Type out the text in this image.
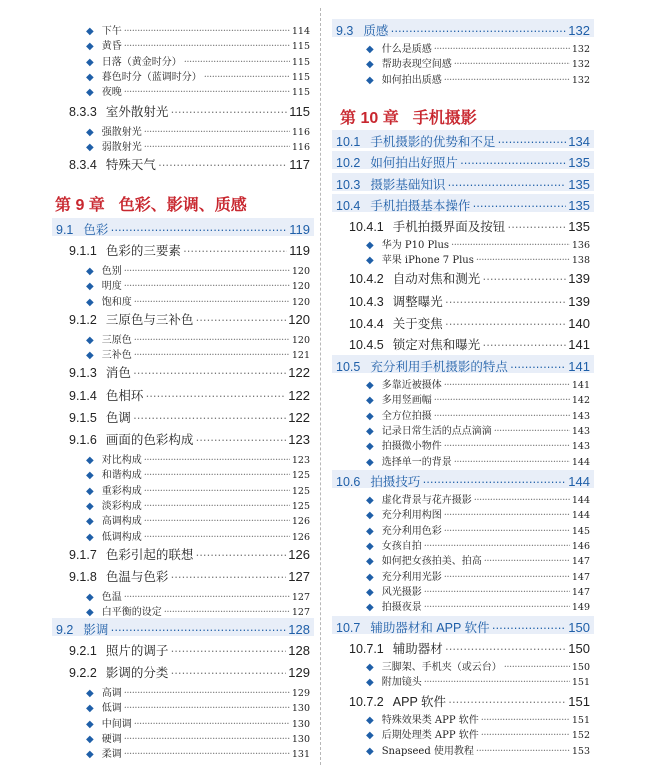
◆ 下午 ·····	114
◆ 黄昏 ·····	115
◆ 日落（黄金时分） ·····	115
◆ 暮色时分（蓝调时分） ·····	115
◆ 夜晚 ·····	115
8.3.3 室外散射光 ·····	115
◆ 强散射光 ·····	116
◆ 弱散射光 ·····	116
8.3.4 特殊天气 ·····	117
第 9 章 色彩、影调、质感
9.1 色彩 ·····	119
9.1.1 色彩的三要素 ·····	119
◆ 色别 ·····	120
◆ 明度 ·····	120
◆ 饱和度 ·····	120
9.1.2 三原色与三补色 ·····	120
◆ 三原色 ·····	120
◆ 三补色 ·····	121
9.1.3 消色 ·····	122
9.1.4 色相环 ·····	122
9.1.5 色调 ·····	122
9.1.6 画面的色彩构成 ·····	123
◆ 对比构成 ·····	123
◆ 和谐构成 ·····	125
◆ 重彩构成 ·····	125
◆ 淡彩构成 ·····	125
◆ 高调构成 ·····	126
◆ 低调构成 ·····	126
9.1.7 色彩引起的联想 ·····	126
9.1.8 色温与色彩 ·····	127
◆ 色温 ·····	127
◆ 白平衡的设定 ·····	127
9.2 影调 ·····	128
9.2.1 照片的调子 ·····	128
9.2.2 影调的分类 ·····	129
◆ 高调 ·····	129
◆ 低调 ·····	130
◆ 中间调 ·····	130
◆ 硬调 ·····	130
◆ 柔调 ·····	131
9.3 质感 ·····	132
◆ 什么是质感 ·····	132
◆ 帮助表现空间感 ·····	132
◆ 如何拍出质感 ·····	132
第 10 章 手机摄影
10.1 手机摄影的优势和不足 ·····	134
10.2 如何拍出好照片 ·····	135
10.3 摄影基础知识 ·····	135
10.4 手机拍摄基本操作 ·····	135
10.4.1 手机拍摄界面及按钮 ·····	135
◆ 华为 P10 Plus ·····	136
◆ 苹果 iPhone 7 Plus ·····	138
10.4.2 自动对焦和测光 ·····	139
10.4.3 调整曝光 ·····	139
10.4.4 关于变焦 ·····	140
10.4.5 锁定对焦和曝光 ·····	141
10.5 充分利用手机摄影的特点 ·····	141
◆ 多靠近被摄体 ·····	141
◆ 多用竖画幅 ·····	142
◆ 全方位拍摄 ·····	143
◆ 记录日常生活的点点滴滴 ·····	143
◆ 拍摄微小物件 ·····	143
◆ 选择单一的背景 ·····	144
10.6 拍摄技巧 ·····	144
◆ 虚化背景与花卉摄影 ·····	144
◆ 充分利用构图 ·····	144
◆ 充分利用色彩 ·····	145
◆ 女孩自拍 ·····	146
◆ 如何把女孩拍美、拍高 ·····	147
◆ 充分利用光影 ·····	147
◆ 风光摄影 ·····	147
◆ 拍摄夜景 ·····	149
10.7 辅助器材和 APP 软件 ·····	150
10.7.1 辅助器材 ·····	150
◆ 三脚架、手机夹（或云台） ·····	150
◆ 附加镜头 ·····	151
10.7.2 APP 软件 ·····	151
◆ 特殊效果类 APP 软件 ·····	151
◆ 后期处理类 APP 软件 ·····	152
◆ Snapseed 使用教程 ·····	153
